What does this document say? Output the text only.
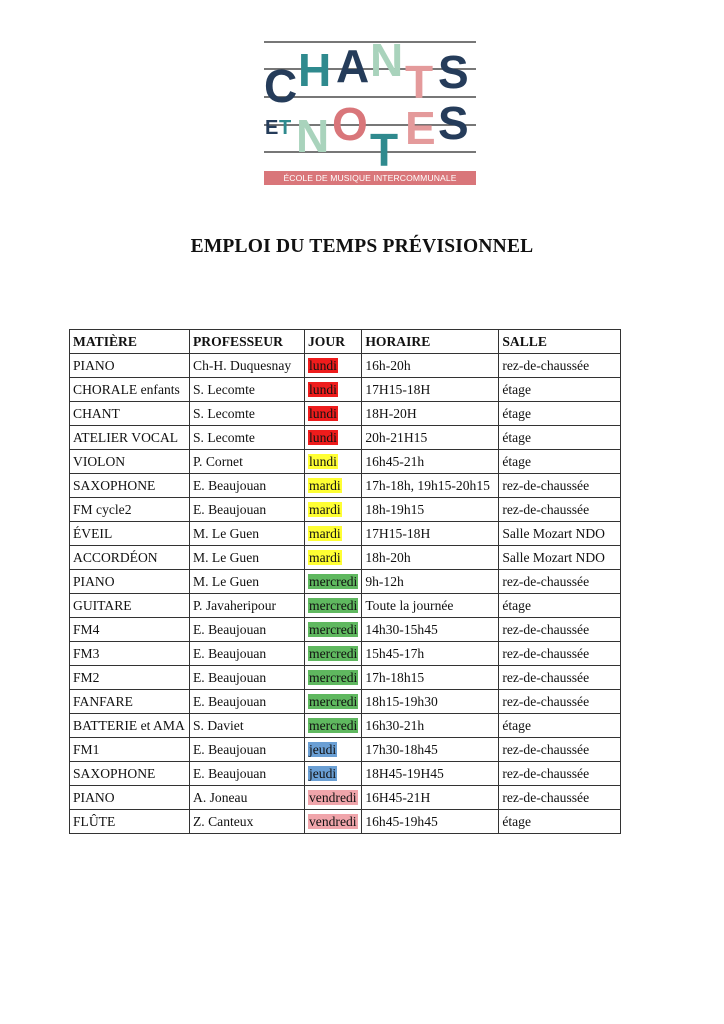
C H A N T S
E T N O T E S
ÉCOLE DE MUSIQUE INTERCOMMUNALE
EMPLOI DU TEMPS PRÉVISIONNEL
MATIÈRE	PROFESSEUR	JOUR	HORAIRE	SALLE
PIANO	Ch-H. Duquesnay	lundi	16h-20h	rez-de-chaussée
CHORALE enfants	S. Lecomte	lundi	17H15-18H	étage
CHANT	S. Lecomte	lundi	18H-20H	étage
ATELIER VOCAL	S. Lecomte	lundi	20h-21H15	étage
VIOLON	P. Cornet	lundi	16h45-21h	étage
SAXOPHONE	E. Beaujouan	mardi	17h-18h, 19h15-20h15	rez-de-chaussée
FM cycle2	E. Beaujouan	mardi	18h-19h15	rez-de-chaussée
ÉVEIL	M. Le Guen	mardi	17H15-18H	Salle Mozart NDO
ACCORDÉON	M. Le Guen	mardi	18h-20h	Salle Mozart NDO
PIANO	M. Le Guen	mercredi	9h-12h	rez-de-chaussée
GUITARE	P. Javaheripour	mercredi	Toute la journée	étage
FM4	E. Beaujouan	mercredi	14h30-15h45	rez-de-chaussée
FM3	E. Beaujouan	mercredi	15h45-17h	rez-de-chaussée
FM2	E. Beaujouan	mercredi	17h-18h15	rez-de-chaussée
FANFARE	E. Beaujouan	mercredi	18h15-19h30	rez-de-chaussée
BATTERIE et AMA	S. Daviet	mercredi	16h30-21h	étage
FM1	E. Beaujouan	jeudi	17h30-18h45	rez-de-chaussée
SAXOPHONE	E. Beaujouan	jeudi	18H45-19H45	rez-de-chaussée
PIANO	A. Joneau	vendredi	16H45-21H	rez-de-chaussée
FLÛTE	Z. Canteux	vendredi	16h45-19h45	étage
